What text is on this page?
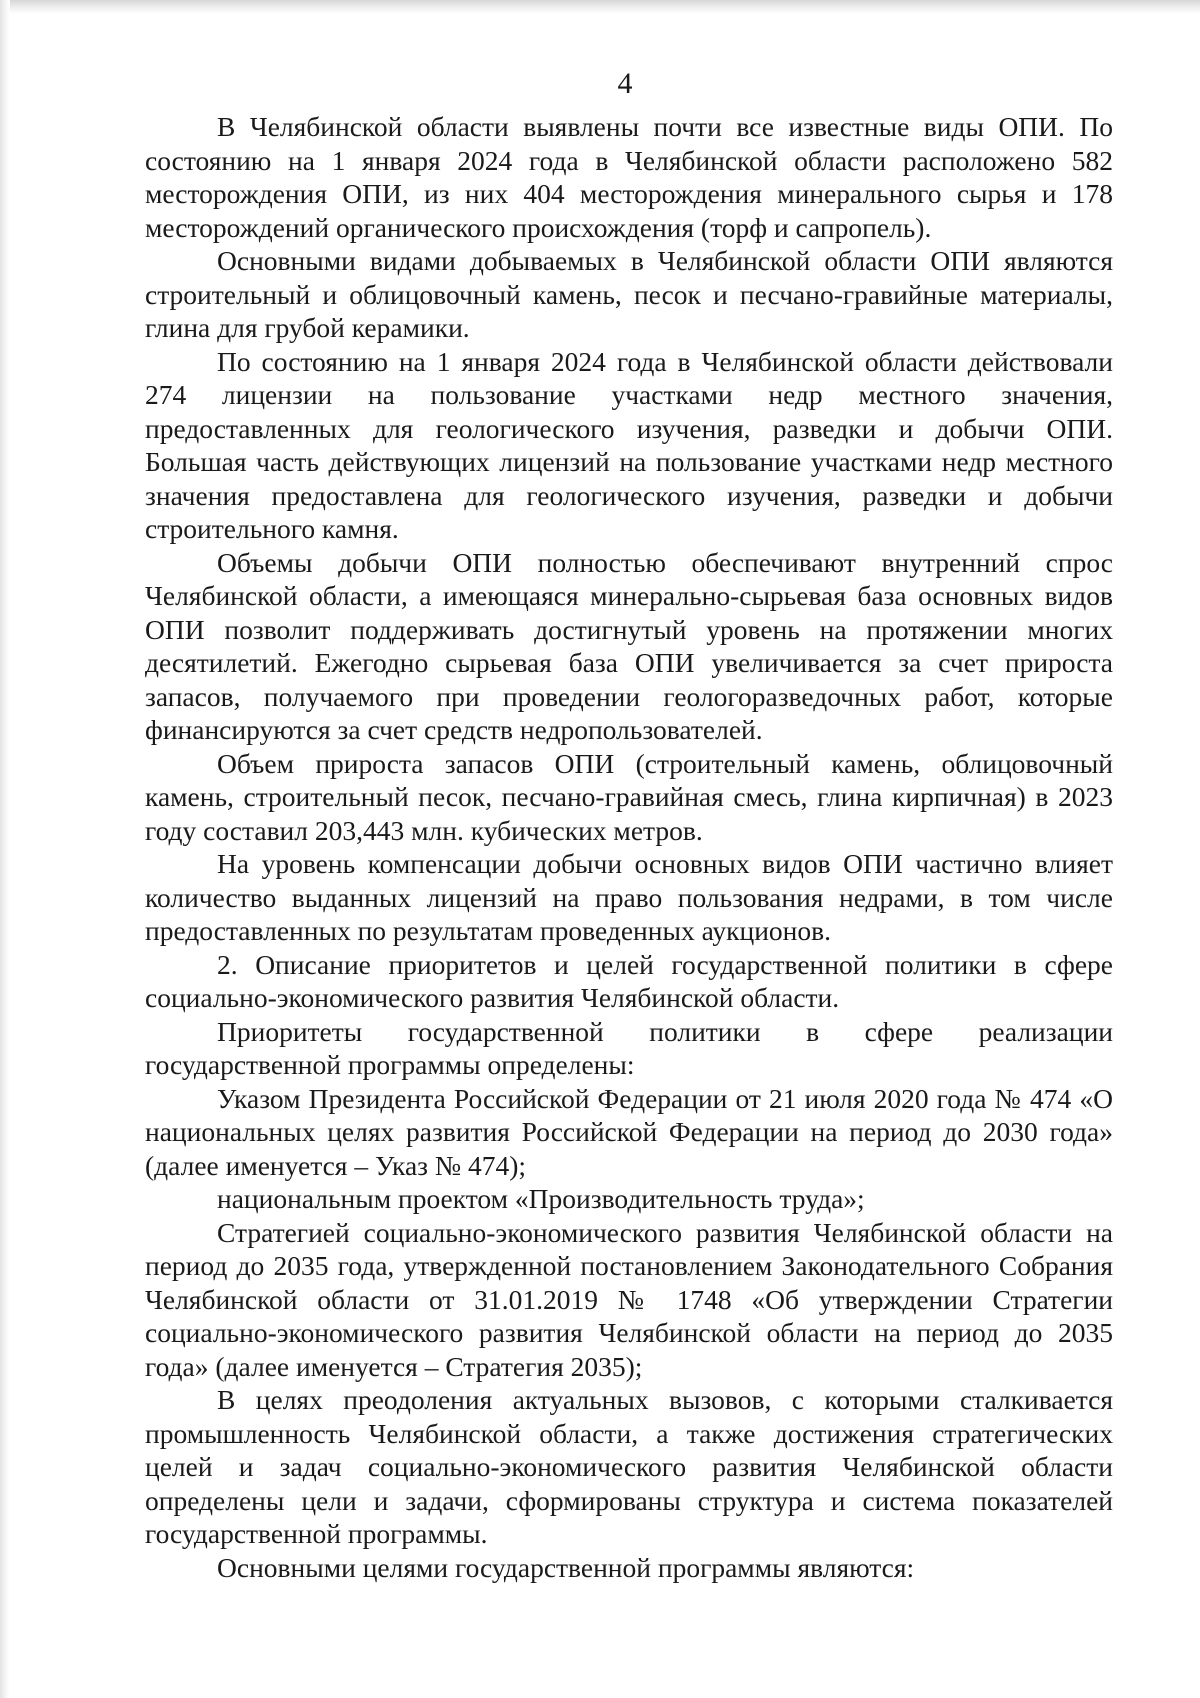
4

В Челябинской области выявлены почти все известные виды ОПИ. По состоянию на 1 января 2024 года в Челябинской области расположено 582 месторождения ОПИ, из них 404 месторождения минерального сырья и 178 месторождений органического происхождения (торф и сапропель).

Основными видами добываемых в Челябинской области ОПИ являются строительный и облицовочный камень, песок и песчано-гравийные материалы, глина для грубой керамики.

По состоянию на 1 января 2024 года в Челябинской области действовали 274 лицензии на пользование участками недр местного значения, предоставленных для геологического изучения, разведки и добычи ОПИ. Большая часть действующих лицензий на пользование участками недр местного значения предоставлена для геологического изучения, разведки и добычи строительного камня.

Объемы добычи ОПИ полностью обеспечивают внутренний спрос Челябинской области, а имеющаяся минерально-сырьевая база основных видов ОПИ позволит поддерживать достигнутый уровень на протяжении многих десятилетий. Ежегодно сырьевая база ОПИ увеличивается за счет прироста запасов, получаемого при проведении геологоразведочных работ, которые финансируются за счет средств недропользователей.

Объем прироста запасов ОПИ (строительный камень, облицовочный камень, строительный песок, песчано-гравийная смесь, глина кирпичная) в 2023 году составил 203,443 млн. кубических метров.

На уровень компенсации добычи основных видов ОПИ частично влияет количество выданных лицензий на право пользования недрами, в том числе предоставленных по результатам проведенных аукционов.

2. Описание приоритетов и целей государственной политики в сфере социально-экономического развития Челябинской области.

Приоритеты государственной политики в сфере реализации государственной программы определены:

Указом Президента Российской Федерации от 21 июля 2020 года № 474 «О национальных целях развития Российской Федерации на период до 2030 года» (далее именуется – Указ № 474);

национальным проектом «Производительность труда»;

Стратегией социально-экономического развития Челябинской области на период до 2035 года, утвержденной постановлением Законодательного Собрания Челябинской области от 31.01.2019 № 1748 «Об утверждении Стратегии социально-экономического развития Челябинской области на период до 2035 года» (далее именуется – Стратегия 2035);

В целях преодоления актуальных вызовов, с которыми сталкивается промышленность Челябинской области, а также достижения стратегических целей и задач социально-экономического развития Челябинской области определены цели и задачи, сформированы структура и система показателей государственной программы.

Основными целями государственной программы являются:
